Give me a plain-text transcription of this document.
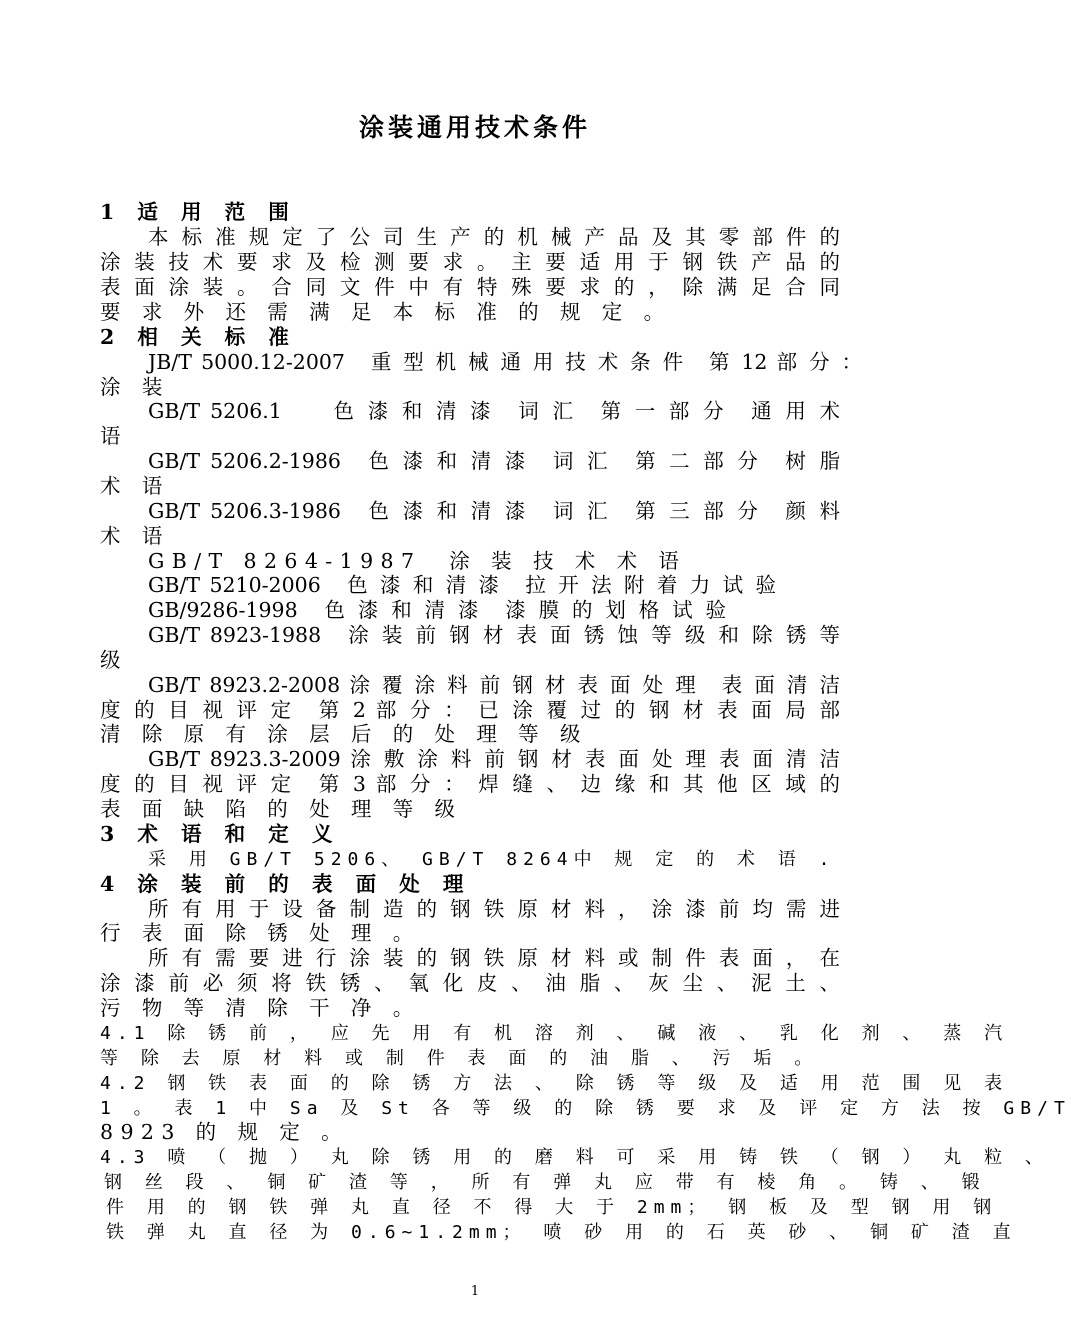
涂装通用技术条件
1 适 用 范 围
本 标 准 规 定 了 公 司 生 产 的 机 械 产 品 及 其 零 部 件 的
涂 装 技 术 要 求 及 检 测 要 求 。 主 要 适 用 于 钢 铁 产 品 的
表 面 涂 装 。 合 同 文 件 中 有 特 殊 要 求 的 ， 除 满 足 合 同
要 求 外 还 需 满 足 本 标 准 的 规 定 。
2 相 关 标 准
JB/T 5000.12-2007　重 型 机 械 通 用 技 术 条 件　第 12 部 分 ：
涂 装
GB/T 5206.1　　色 漆 和 清 漆　词 汇　第 一 部 分　通 用 术
语
GB/T 5206.2-1986　色 漆 和 清 漆　词 汇　第 二 部 分　树 脂
术 语
GB/T 5206.3-1986　色 漆 和 清 漆　词 汇　第 三 部 分　颜 料
术 语
GB/T 8264-1987　涂 装 技 术 术 语
GB/T 5210-2006　色 漆 和 清 漆　拉 开 法 附 着 力 试 验
GB/9286-1998　色 漆 和 清 漆　漆 膜 的 划 格 试 验
GB/T 8923-1988　涂 装 前 钢 材 表 面 锈 蚀 等 级 和 除 锈 等
级
GB/T 8923.2-2008 涂 覆 涂 料 前 钢 材 表 面 处 理　表 面 清 洁
度 的 目 视 评 定　第 2 部 分 ： 已 涂 覆 过 的 钢 材 表 面 局 部
清 除 原 有 涂 层 后 的 处 理 等 级
GB/T 8923.3-2009 涂 敷 涂 料 前 钢 材 表 面 处 理 表 面 清 洁
度 的 目 视 评 定　第 3 部 分 ： 焊 缝 、 边 缘 和 其 他 区 域 的
表 面 缺 陷 的 处 理 等 级
3 术 语 和 定 义
采 用 GB/T 5206、 GB/T 8264中 规 定 的 术 语 .
4 涂 装 前 的 表 面 处 理
所 有 用 于 设 备 制 造 的 钢 铁 原 材 料 ， 涂 漆 前 均 需 进
行 表 面 除 锈 处 理 。
所 有 需 要 进 行 涂 装 的 钢 铁 原 材 料 或 制 件 表 面 ， 在
涂 漆 前 必 须 将 铁 锈 、 氧 化 皮 、 油 脂 、 灰 尘 、 泥 土 、
污 物 等 清 除 干 净 。
4.1 除 锈 前 ， 应 先 用 有 机 溶 剂 、 碱 液 、 乳 化 剂 、 蒸 汽
等 除 去 原 材 料 或 制 件 表 面 的 油 脂 、 污 垢 。
4.2 钢 铁 表 面 的 除 锈 方 法 、 除 锈 等 级 及 适 用 范 围 见 表
1 。 表 1 中 Sa 及 St 各 等 级 的 除 锈 要 求 及 评 定 方 法 按 GB/T
8923 的 规 定 。
4.3 喷 （ 抛 ） 丸 除 锈 用 的 磨 料 可 采 用 铸 铁 （ 钢 ） 丸 粒 、
钢 丝 段 、 铜 矿 渣 等 ， 所 有 弹 丸 应 带 有 棱 角 。 铸 、 锻
件 用 的 钢 铁 弹 丸 直 径 不 得 大 于 2mm； 钢 板 及 型 钢 用 钢
铁 弹 丸 直 径 为 0.6~1.2mm； 喷 砂 用 的 石 英 砂 、 铜 矿 渣 直
1
